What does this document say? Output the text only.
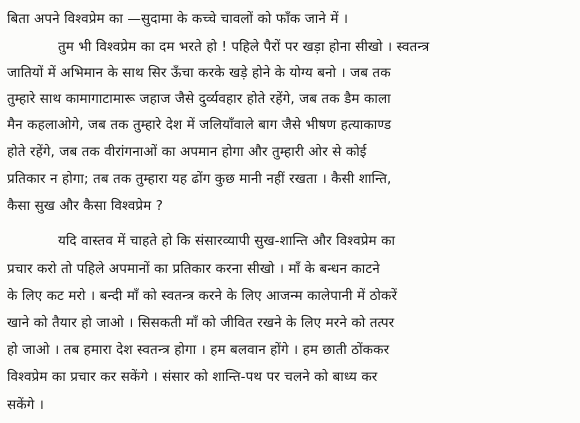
बिता अपने विश्वप्रेम का —सुदामा के कच्चे चावलों को फाँक जाने में ।

तुम भी विश्वप्रेम का दम भरते हो ! पहिले पैरों पर खड़ा होना सीखो । स्वतन्त्र

जातियों में अभिमान के साथ सिर ऊँचा करके खड़े होने के योग्य बनो । जब तक

तुम्हारे साथ कामागाटामारू जहाज जैसे दुर्व्यवहार होते रहेंगे, जब तक डैम काला

मैन कहलाओगे, जब तक तुम्हारे देश में जलियाँवाले बाग जैसे भीषण हत्याकाण्ड

होते रहेंगे, जब तक वीरांगनाओं का अपमान होगा और तुम्हारी ओर से कोई

प्रतिकार न होगा; तब तक तुम्हारा यह ढोंग कुछ मानी नहीं रखता । कैसी शान्ति,

कैसा सुख और कैसा विश्वप्रेम ?

यदि वास्तव में चाहते हो कि संसारव्यापी सुख-शान्ति और विश्वप्रेम का

प्रचार करो तो पहिले अपमानों का प्रतिकार करना सीखो । माँ के बन्धन काटने

के लिए कट मरो । बन्दी माँ को स्वतन्त्र करने के लिए आजन्म कालेपानी में ठोकरें

खाने को तैयार हो जाओ । सिसकती माँ को जीवित रखने के लिए मरने को तत्पर

हो जाओ । तब हमारा देश स्वतन्त्र होगा । हम बलवान होंगे । हम छाती ठोंककर

विश्वप्रेम का प्रचार कर सकेंगे । संसार को शान्ति-पथ पर चलने को बाध्य कर

सकेंगे ।
